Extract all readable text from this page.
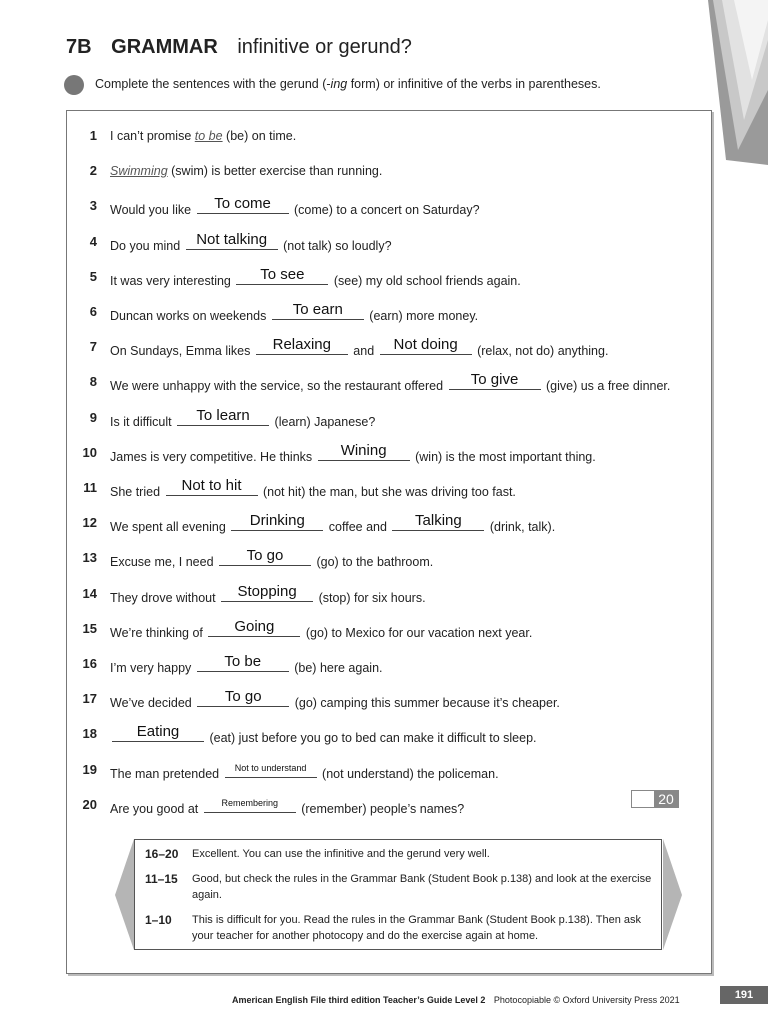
7B GRAMMAR infinitive or gerund?
Complete the sentences with the gerund (-ing form) or infinitive of the verbs in parentheses.
1 I can’t promise to be (be) on time.
2 Swimming (swim) is better exercise than running.
3 Would you like	To come	(come) to a concert on Saturday?
4 Do you mind Not talking	(not talk) so loudly?
5 It was very interesting	To see	(see) my old school friends again.
6 Duncan works on weekends	To earn	(earn) more money.
7 On Sundays, Emma likes	Relaxing	and	Not doing	(relax, not do) anything.
8 We were unhappy with the service, so the restaurant offered	To give	(give) us a free dinner.
9 Is it difficult	To learn	(learn) Japanese?
10 James is very competitive. He thinks	Wining	(win) is the most important thing.
11 She tried	Not to hit	(not hit) the man, but she was driving too fast.
12 We spent all evening	Drinking	coffee and	Talking	(drink, talk).
13 Excuse me, I need	To go	(go) to the bathroom.
14 They drove without	Stopping	(stop) for six hours.
15 We’re thinking of	Going	(go) to Mexico for our vacation next year.
16 I’m very happy	To be	(be) here again.
17 We’ve decided	To go	(go) camping this summer because it’s cheaper.
18	Eating	(eat) just before you go to bed can make it difficult to sleep.
19 The man pretended	Not to understand (not understand) the policeman.
20 Are you good at	Remembering	(remember) people’s names?
20
16–20	Excellent. You can use the infinitive and the gerund very well.
11–15	Good, but check the rules in the Grammar Bank (Student Book p.138) and look at the exercise again.
1–10	This is difficult for you. Read the rules in the Grammar Bank (Student Book p.138). Then ask your teacher for another photocopy and do the exercise again at home.
American English File third edition Teacher’s Guide Level 2 Photocopiable © Oxford University Press 2021	191
